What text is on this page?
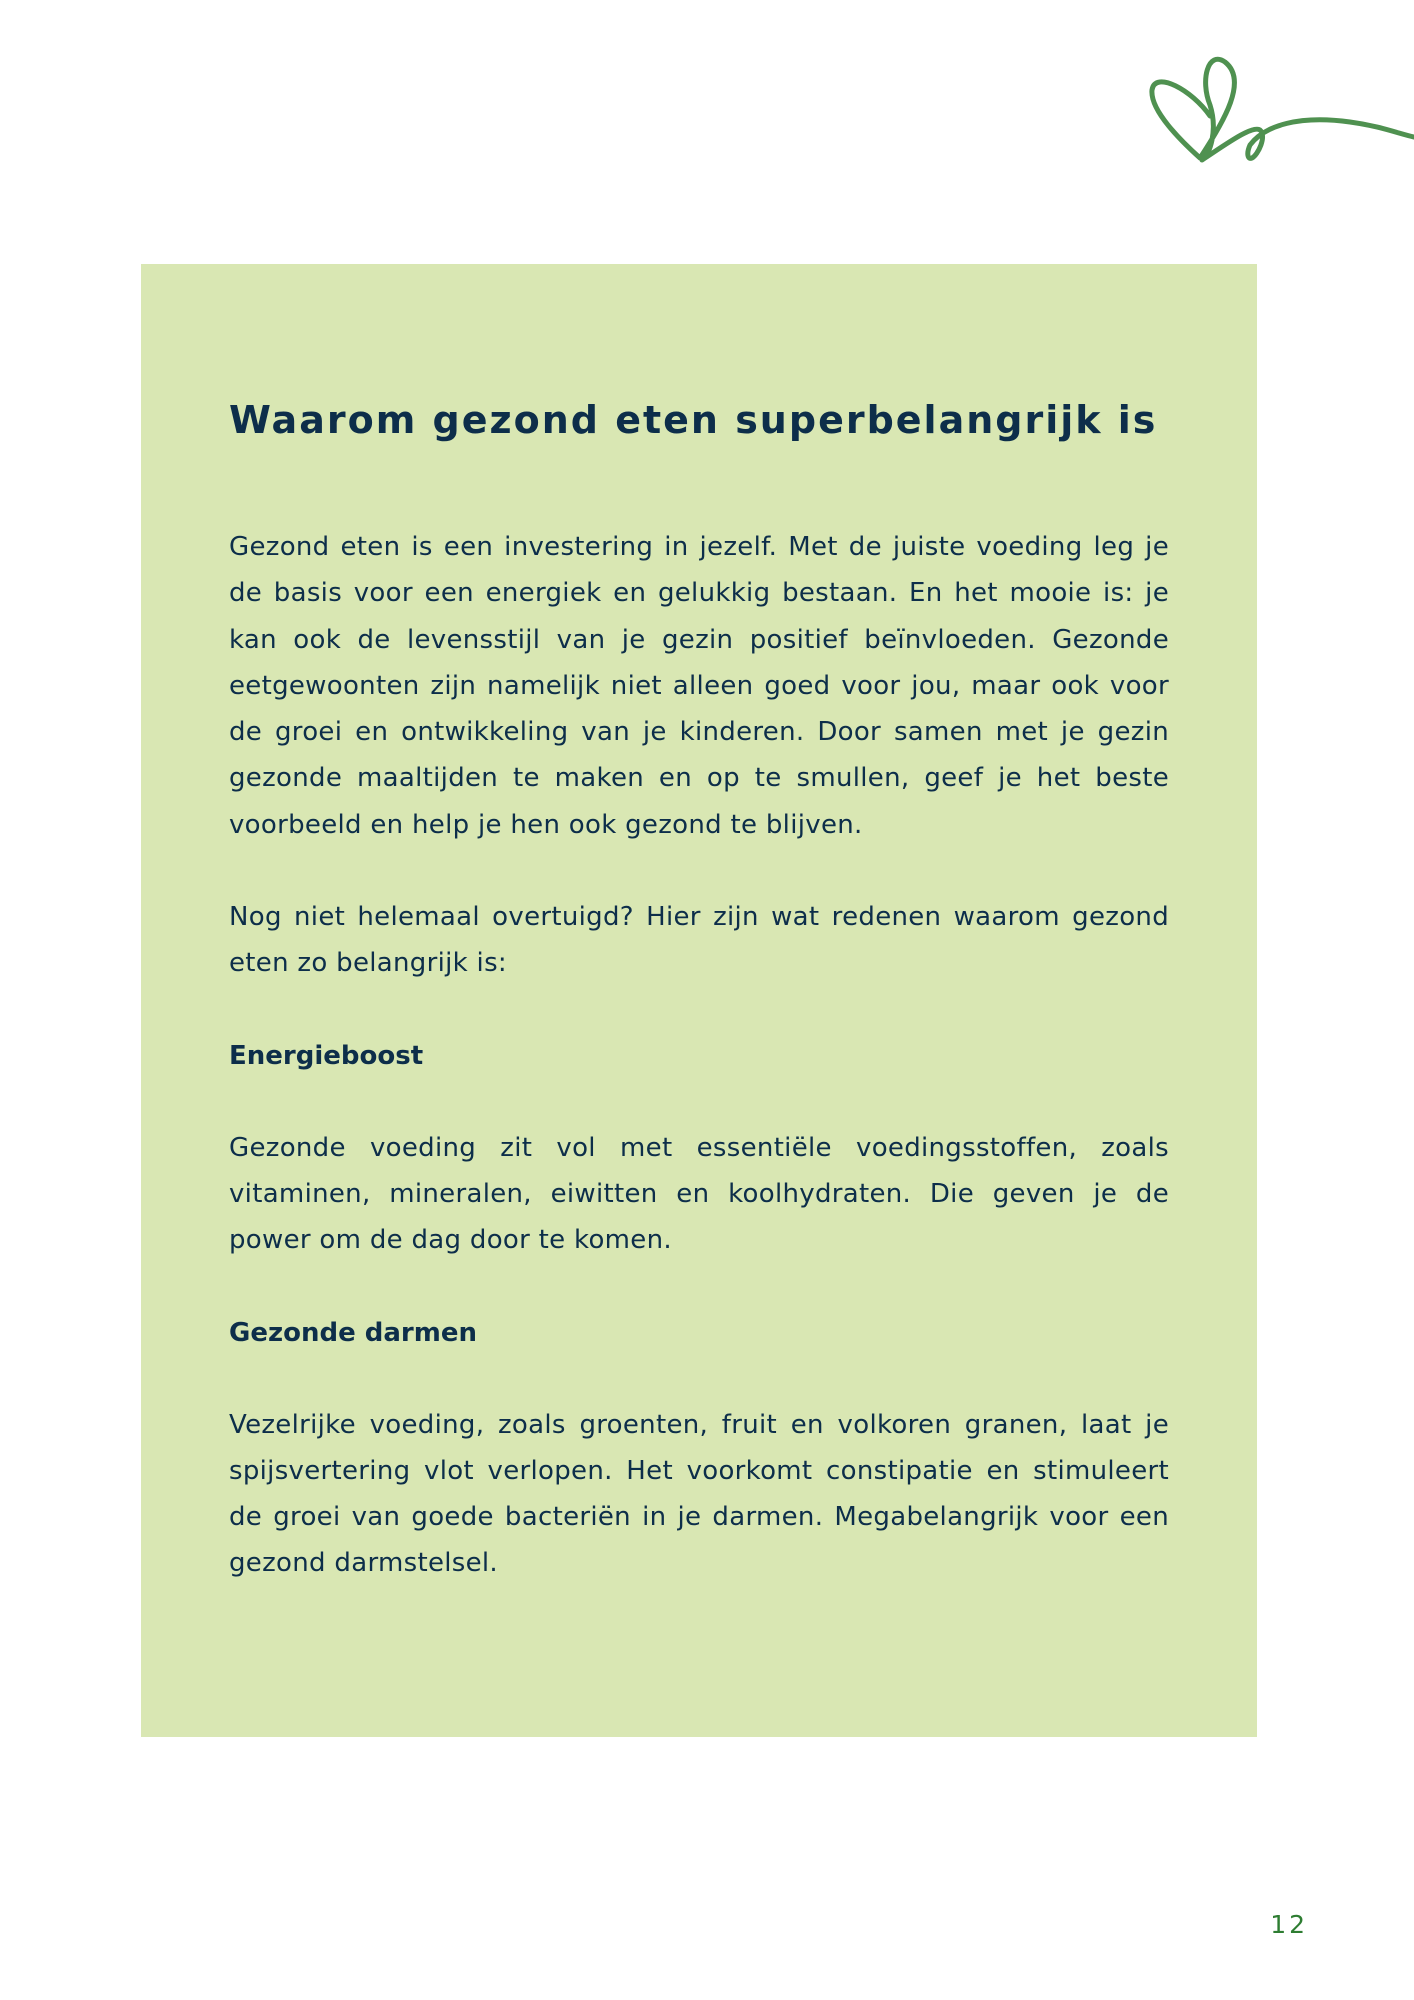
Waarom gezond eten superbelangrijk is

Gezond eten is een investering in jezelf. Met de juiste voeding leg je de basis voor een energiek en gelukkig bestaan. En het mooie is: je kan ook de levensstijl van je gezin positief beïnvloeden. Gezonde eetgewoonten zijn namelijk niet alleen goed voor jou, maar ook voor de groei en ontwikkeling van je kinderen. Door samen met je gezin gezonde maaltijden te maken en op te smullen, geef je het beste voorbeeld en help je hen ook gezond te blijven.

Nog niet helemaal overtuigd? Hier zijn wat redenen waarom gezond eten zo belangrijk is:

Energieboost

Gezonde voeding zit vol met essentiële voedingsstoffen, zoals vitaminen, mineralen, eiwitten en koolhydraten. Die geven je de power om de dag door te komen.

Gezonde darmen

Vezelrijke voeding, zoals groenten, fruit en volkoren granen, laat je spijsvertering vlot verlopen. Het voorkomt constipatie en stimuleert de groei van goede bacteriën in je darmen. Megabelangrijk voor een gezond darmstelsel.

12
